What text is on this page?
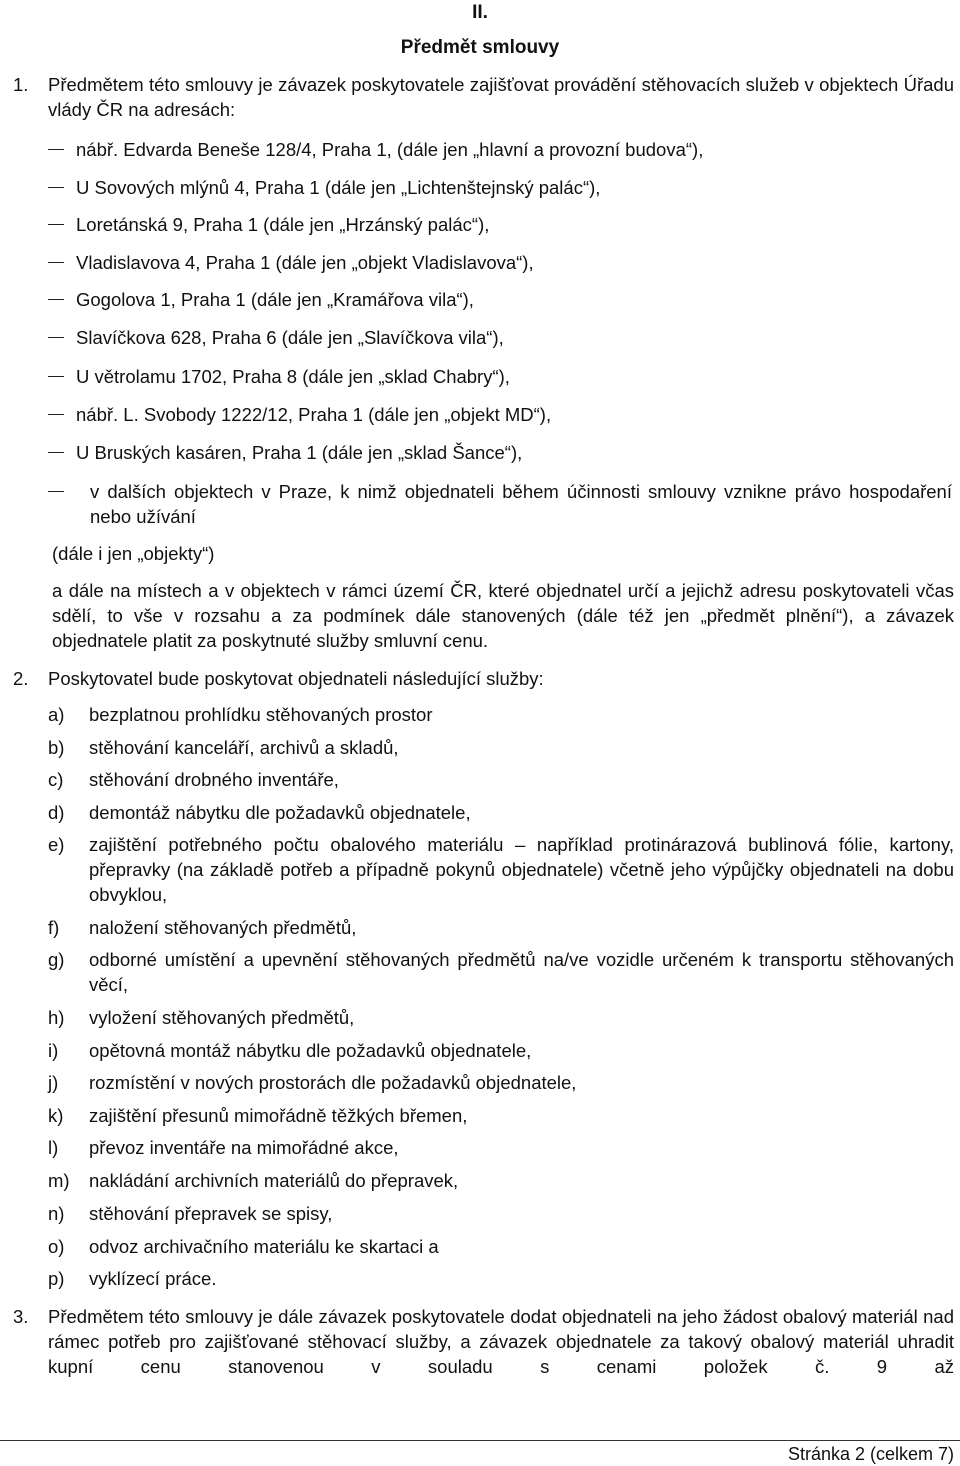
II.
Předmět smlouvy
1. Předmětem této smlouvy je závazek poskytovatele zajišťovat provádění stěhovacích služeb v objektech Úřadu vlády ČR na adresách:
nábř. Edvarda Beneše 128/4, Praha 1, (dále jen „hlavní a provozní budova“),
U Sovových mlýnů 4, Praha 1 (dále jen „Lichtenštejnský palác“),
Loretánská 9, Praha 1 (dále jen „Hrzánský palác“),
Vladislavova 4, Praha 1 (dále jen „objekt Vladislavova“),
Gogolova 1, Praha 1 (dále jen „Kramářova vila“),
Slavíčkova 628, Praha 6 (dále jen „Slavíčkova vila“),
U větrolamu 1702, Praha 8 (dále jen „sklad Chabry“),
nábř. L. Svobody 1222/12, Praha 1 (dále jen „objekt MD“),
U Bruských kasáren, Praha 1 (dále jen „sklad Šance“),
v dalších objektech v Praze, k nimž objednateli během účinnosti smlouvy vznikne právo hospodaření nebo užívání
(dále i jen „objekty“)
a dále na místech a v objektech v rámci území ČR, které objednatel určí a jejichž adresu poskytovateli včas sdělí, to vše v rozsahu a za podmínek dále stanovených (dále též jen „předmět plnění“), a závazek objednatele platit za poskytnuté služby smluvní cenu.
2. Poskytovatel bude poskytovat objednateli následující služby:
a) bezplatnou prohlídku stěhovaných prostor
b) stěhování kanceláří, archivů a skladů,
c) stěhování drobného inventáře,
d) demontáž nábytku dle požadavků objednatele,
e) zajištění potřebného počtu obalového materiálu – například protinárazová bublinová fólie, kartony, přepravky (na základě potřeb a případně pokynů objednatele) včetně jeho výpůjčky objednateli na dobu obvyklou,
f) naložení stěhovaných předmětů,
g) odborné umístění a upevnění stěhovaných předmětů na/ve vozidle určeném k transportu stěhovaných věcí,
h) vyložení stěhovaných předmětů,
i) opětovná montáž nábytku dle požadavků objednatele,
j) rozmístění v nových prostorách dle požadavků objednatele,
k) zajištění přesunů mimořádně těžkých břemen,
l) převoz inventáře na mimořádné akce,
m) nakládání archivních materiálů do přepravek,
n) stěhování přepravek se spisy,
o) odvoz archivačního materiálu ke skartaci a
p) vyklízecí práce.
3. Předmětem této smlouvy je dále závazek poskytovatele dodat objednateli na jeho žádost obalový materiál nad rámec potřeb pro zajišťované stěhovací služby, a závazek objednatele za takový obalový materiál uhradit kupní cenu stanovenou v souladu s cenami položek č. 9 až
Stránka 2 (celkem 7)
